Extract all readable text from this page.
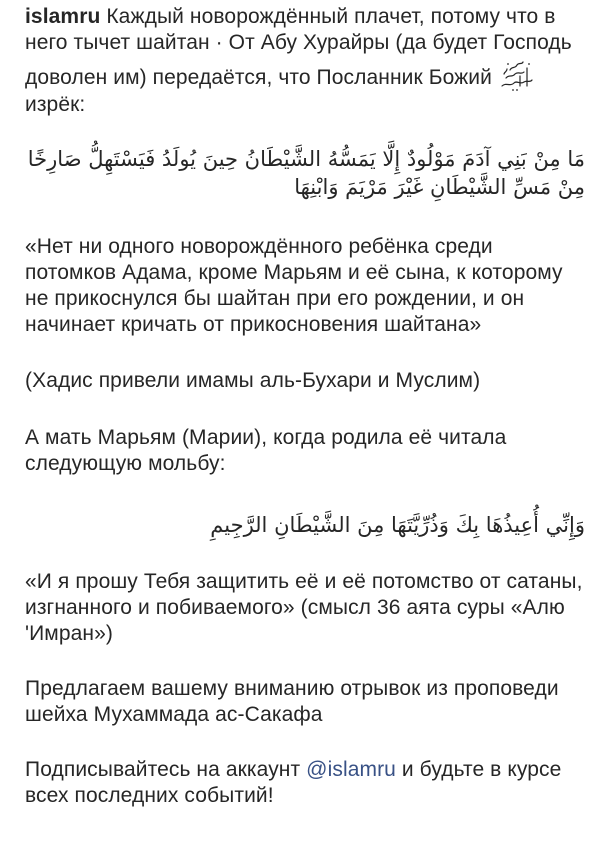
islamru Каждый новорождённый плачет, потому что в него тычет шайтан · От Абу Хурайры (да будет Господь доволен им) передаётся, что Посланник Божий изрёк:

مَا مِنْ بَنِي آدَمَ مَوْلُودٌ إِلَّا يَمَسُّهُ الشَّيْطَانُ حِينَ يُولَدُ فَيَسْتَهِلُّ صَارِخًا مِنْ مَسِّ الشَّيْطَانِ غَيْرَ مَرْيَمَ وَابْنِهَا

«Нет ни одного новорождённого ребёнка среди потомков Адама, кроме Марьям и её сына, к которому не прикоснулся бы шайтан при его рождении, и он начинает кричать от прикосновения шайтана»

(Хадис привели имамы аль-Бухари и Муслим)

А мать Марьям (Марии), когда родила её читала следующую мольбу:

وَإِنِّي أُعِيذُهَا بِكَ وَذُرِّيَّتَهَا مِنَ الشَّيْطَانِ الرَّجِيمِ

«И я прошу Тебя защитить её и её потомство от сатаны, изгнанного и побиваемого» (смысл 36 аята суры «Алю 'Имран»)

Предлагаем вашему вниманию отрывок из проповеди шейха Мухаммада ас-Сакафа

Подписывайтесь на аккаунт @islamru и будьте в курсе всех последних событий!
